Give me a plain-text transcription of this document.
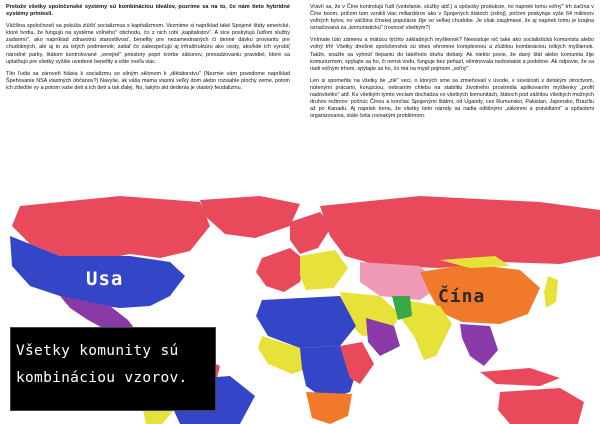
Pretože všetky spoločenské systémy sú kombináciou ideálov, pozrime sa na to, čo nám tieto hybridné systémy priniesli.

Väčšina spoločností sa pokúša zlúčiť socializmus s kapitalizmom. Vezmime si napríklad také Spojené štáty americké, ktoré tvrdia, že fungujú na systéme voľného" obchodu, čo z nich robí „kapitalistov". A sice poskytujú ľuďom služby zadarmo", ako napríklad zdravotnú starostlivosť, benefity pre nezamestnaných či denné dávku proviantu pre chudobných, ale aj to za istých podmienok; zatiaľ čo zabezpečujú aj infraštruktúru ako cesty, ako/kde ich vyrobí( národné parky, štátom kontrolované „verejné" priestory popri tvorbe zákonov, presadzovaniu pravidiel, ktoré sa uplatňujú pre všetky vyššie uvedené benefity a ešte oveľa viac.

Títo ľudia sa zároveň hlásia k socializmu so silným sklonom k „diktátorstvu" (Nezmie vám povedome napríklad Špehovanie NSA vlastných občanov?) Navyše, ak váša mama vlastní veľký dom alebo rozsiahle plochy zeme, potom ich zdedíte vy a potom vaše deti a ich deti a tak ďalej. No, takýto akt dedenia je vlastný feudalizmu.

Vravíí sa, že v Číne kontrolujú ľudí (vzdelanie, služby atď.) a spôsoby produkcie, no napriek tomu voľný" trh začína v Číne boom, pričom tam vznikli viac miliardárov ako v Spojených štátoch (zdroj), pričom poskytuje vyše 64 miliónov voľných bytov, no väčšina čínskej populácie žije vo veľkej chudobe. Je však zaujímavé, že aj napriek tomu je krajina označovaná za „komunistickú" (rovnosť všetkým?)

Vnímate túto zámenu a mätúcu týchto základných myšlienok? Neexistuje nič také ako socialistická komunista alebo voľný trh! Všetky dnešné spoločenstvá sú dnes ohromne komplexnou a zlúžitou kombináciou tolkých myšlienok. Takže, snažte sa vyhnúť tlepaniu do takéhoto druhu debaty. Ak niekto povie, že daný štát alebo komunita žije komunizmom, spýtajte sa ho, či nemá vodu, funguje bez peňazí, eliminovala nedostatok a podobne. Ak odpovie, že sa riadi voľným trhom, spýtajte sa ho, čo má na mysli pojmom „voľný".

Len si spomeňte na všetky tie „zlé" veci, o ktorých sme sa zmieňovali v úvode, v súvislosti s detským otroctvom, nútenými prácami, korupciou, nebraním chlebu na stabilitu životného prostredia aplikovaním myšlienky „profit nadovšetko" atď. Ku všetkým tymto veciam dochádza vo všetkých komunitách, štátoch pod záštitou všetkých možných druhov režimov: počnúc Čínou a končiac Spojenými štátmi, od Ugandy, cez Rumunsko, Pakistan, Japonsko, Brazíliu až po Kanadu. Aj napriek tomu, že všetky tieto národy sa nadia odlišnými „zákonmi a pravidlami" a spôsobmi organizovania, stále čelia rovnakým problémom.

Usa
Čína
Všetky komunity sú
kombináciou vzorov.
